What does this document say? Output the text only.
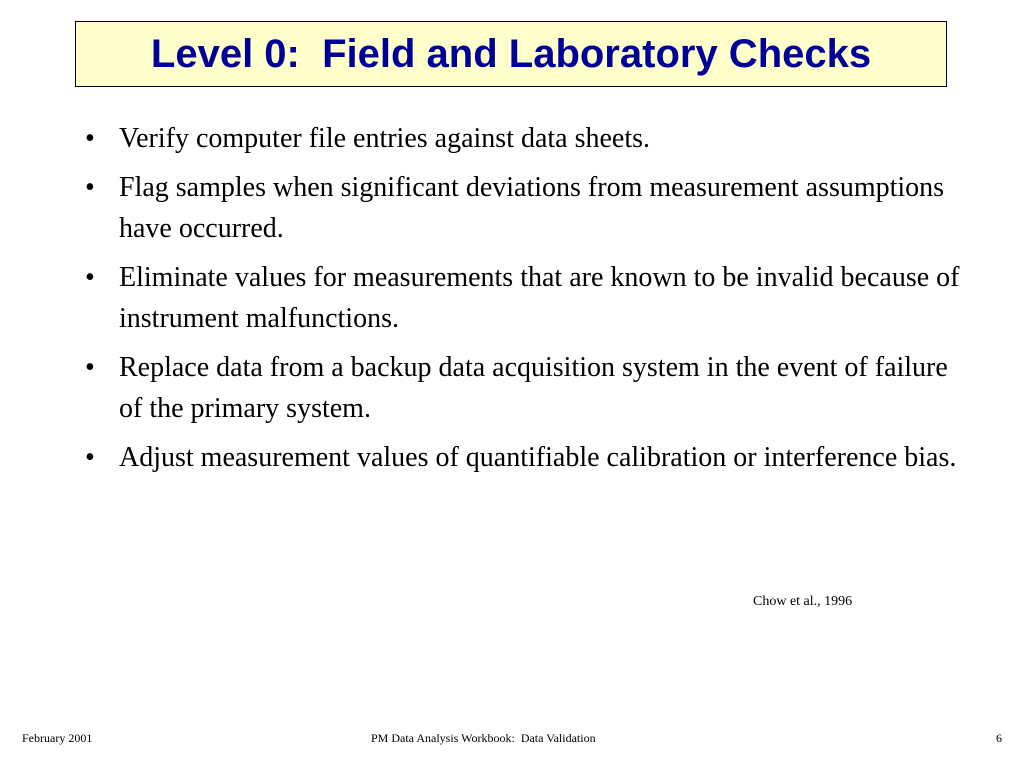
Level 0:  Field and Laboratory Checks
• Verify computer file entries against data sheets.
• Flag samples when significant deviations from measurement assumptions have occurred.
• Eliminate values for measurements that are known to be invalid because of instrument malfunctions.
• Replace data from a backup data acquisition system in the event of failure of the primary system.
• Adjust measurement values of quantifiable calibration or interference bias.
Chow et al., 1996
February 2001	PM Data Analysis Workbook:  Data Validation	6
